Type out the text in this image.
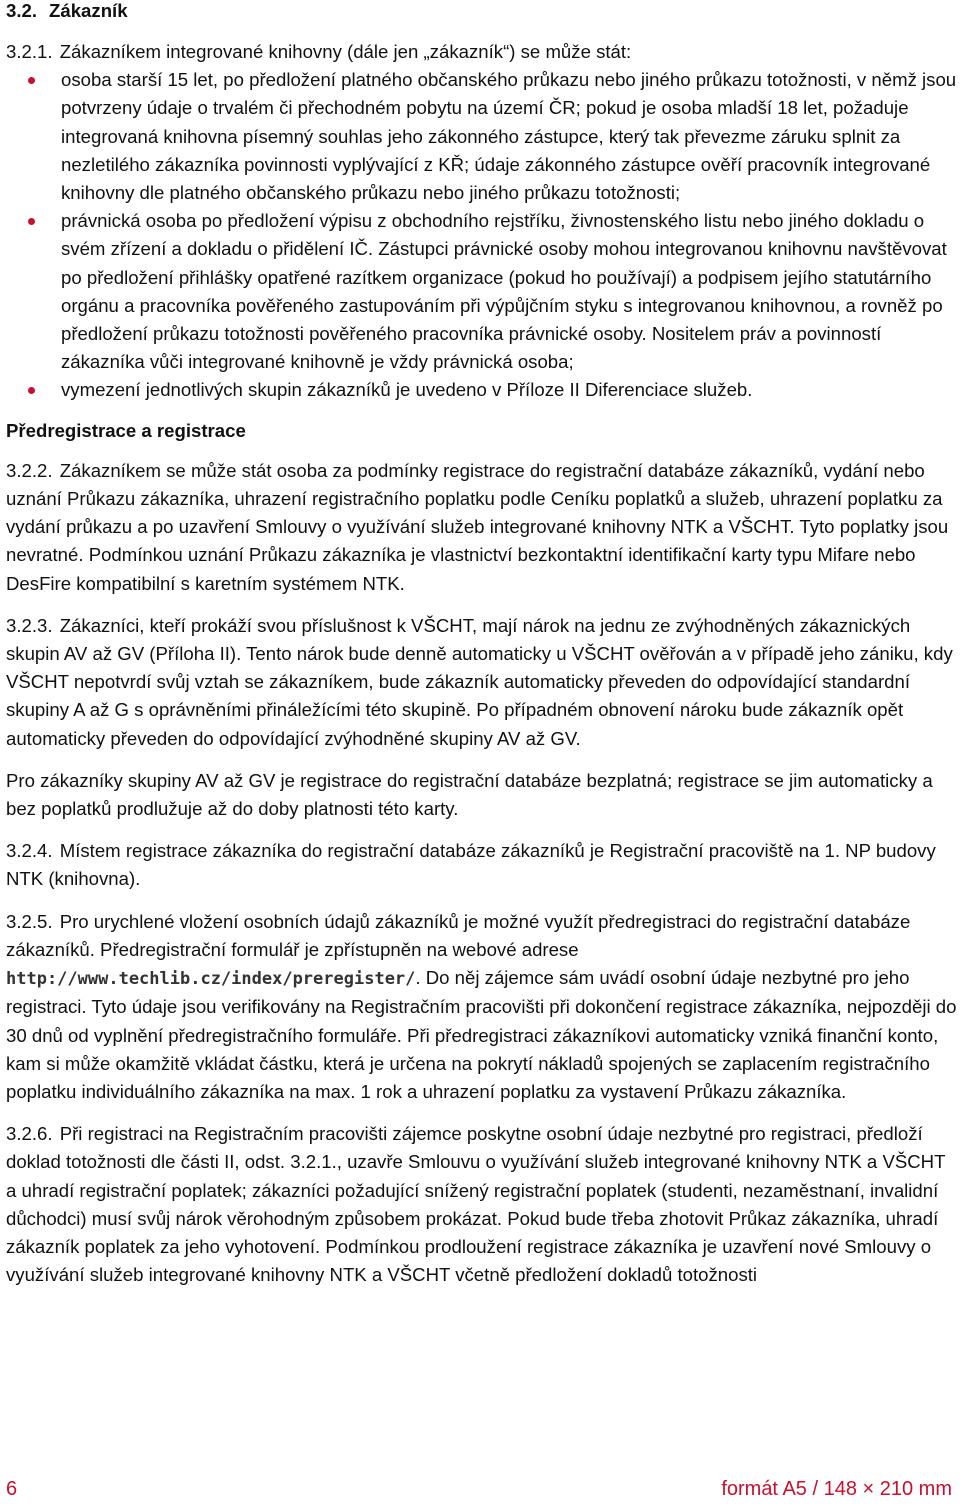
3.2. Zákazník

3.2.1. Zákazníkem integrované knihovny (dále jen „zákazník“) se může stát:

osoba starší 15 let, po předložení platného občanského průkazu nebo jiného průkazu totožnosti, v němž jsou potvrzeny údaje o trvalém či přechodném pobytu na území ČR; pokud je osoba mladší 18 let, požaduje integrovaná knihovna písemný souhlas jeho zákonného zástupce, který tak převezme záruku splnit za nezletilého zákazníka povinnosti vyplývající z KŘ; údaje zákonného zástupce ověří pracovník integrované knihovny dle platného občanského průkazu nebo jiného průkazu totožnosti;
právnická osoba po předložení výpisu z obchodního rejstříku, živnostenského listu nebo jiného dokladu o svém zřízení a dokladu o přidělení IČ. Zástupci právnické osoby mohou integrovanou knihovnu navštěvovat po předložení přihlášky opatřené razítkem organizace (pokud ho používají) a podpisem jejího statutárního orgánu a pracovníka pověřeného zastupováním při výpůjčním styku s integrovanou knihovnou, a rovněž po předložení průkazu totožnosti pověřeného pracovníka právnické osoby. Nositelem práv a povinností zákazníka vůči integrované knihovně je vždy právnická osoba;
vymezení jednotlivých skupin zákazníků je uvedeno v Příloze II Diferenciace služeb.

Předregistrace a registrace

3.2.2. Zákazníkem se může stát osoba za podmínky registrace do registrační databáze zákazníků, vydání nebo uznání Průkazu zákazníka, uhrazení registračního poplatku podle Ceníku poplatků a služeb, uhrazení poplatku za vydání průkazu a po uzavření Smlouvy o využívání služeb integrované knihovny NTK a VŠCHT. Tyto poplatky jsou nevratné. Podmínkou uznání Průkazu zákazníka je vlastnictví bezkontaktní identifikační karty typu Mifare nebo DesFire kompatibilní s karetním systémem NTK.

3.2.3. Zákazníci, kteří prokáží svou příslušnost k VŠCHT, mají nárok na jednu ze zvýhodněných zákaznických skupin AV až GV (Příloha II). Tento nárok bude denně automaticky u VŠCHT ověřován a v případě jeho zániku, kdy VŠCHT nepotvrdí svůj vztah se zákazníkem, bude zákazník automaticky převeden do odpovídající standardní skupiny A až G s oprávněními přináležícími této skupině. Po případném obnovení nároku bude zákazník opět automaticky převeden do odpovídající zvýhodněné skupiny AV až GV.

Pro zákazníky skupiny AV až GV je registrace do registrační databáze bezplatná; registrace se jim automaticky a bez poplatků prodlužuje až do doby platnosti této karty.

3.2.4. Místem registrace zákazníka do registrační databáze zákazníků je Registrační pracoviště na 1. NP budovy NTK (knihovna).

3.2.5. Pro urychlené vložení osobních údajů zákazníků je možné využít předregistraci do registrační databáze zákazníků. Předregistrační formulář je zpřístupněn na webové adrese http://www.techlib.cz/index/preregister/. Do něj zájemce sám uvádí osobní údaje nezbytné pro jeho registraci. Tyto údaje jsou verifikovány na Registračním pracovišti při dokončení registrace zákazníka, nejpozději do 30 dnů od vyplnění předregistračního formuláře. Při předregistraci zákazníkovi automaticky vzniká finanční konto, kam si může okamžitě vkládat částku, která je určena na pokrytí nákladů spojených se zaplacením registračního poplatku individuálního zákazníka na max. 1 rok a uhrazení poplatku za vystavení Průkazu zákazníka.

3.2.6. Při registraci na Registračním pracovišti zájemce poskytne osobní údaje nezbytné pro registraci, předloží doklad totožnosti dle části II, odst. 3.2.1., uzavře Smlouvu o využívání služeb integrované knihovny NTK a VŠCHT a uhradí registrační poplatek; zákazníci požadující snížený registrační poplatek (studenti, nezaměstnaní, invalidní důchodci) musí svůj nárok věrohodným způsobem prokázat. Pokud bude třeba zhotovit Průkaz zákazníka, uhradí zákazník poplatek za jeho vyhotovení. Podmínkou prodloužení registrace zákazníka je uzavření nové Smlouvy o využívání služeb integrované knihovny NTK a VŠCHT včetně předložení dokladů totožnosti

6	formát A5 / 148 × 210 mm
